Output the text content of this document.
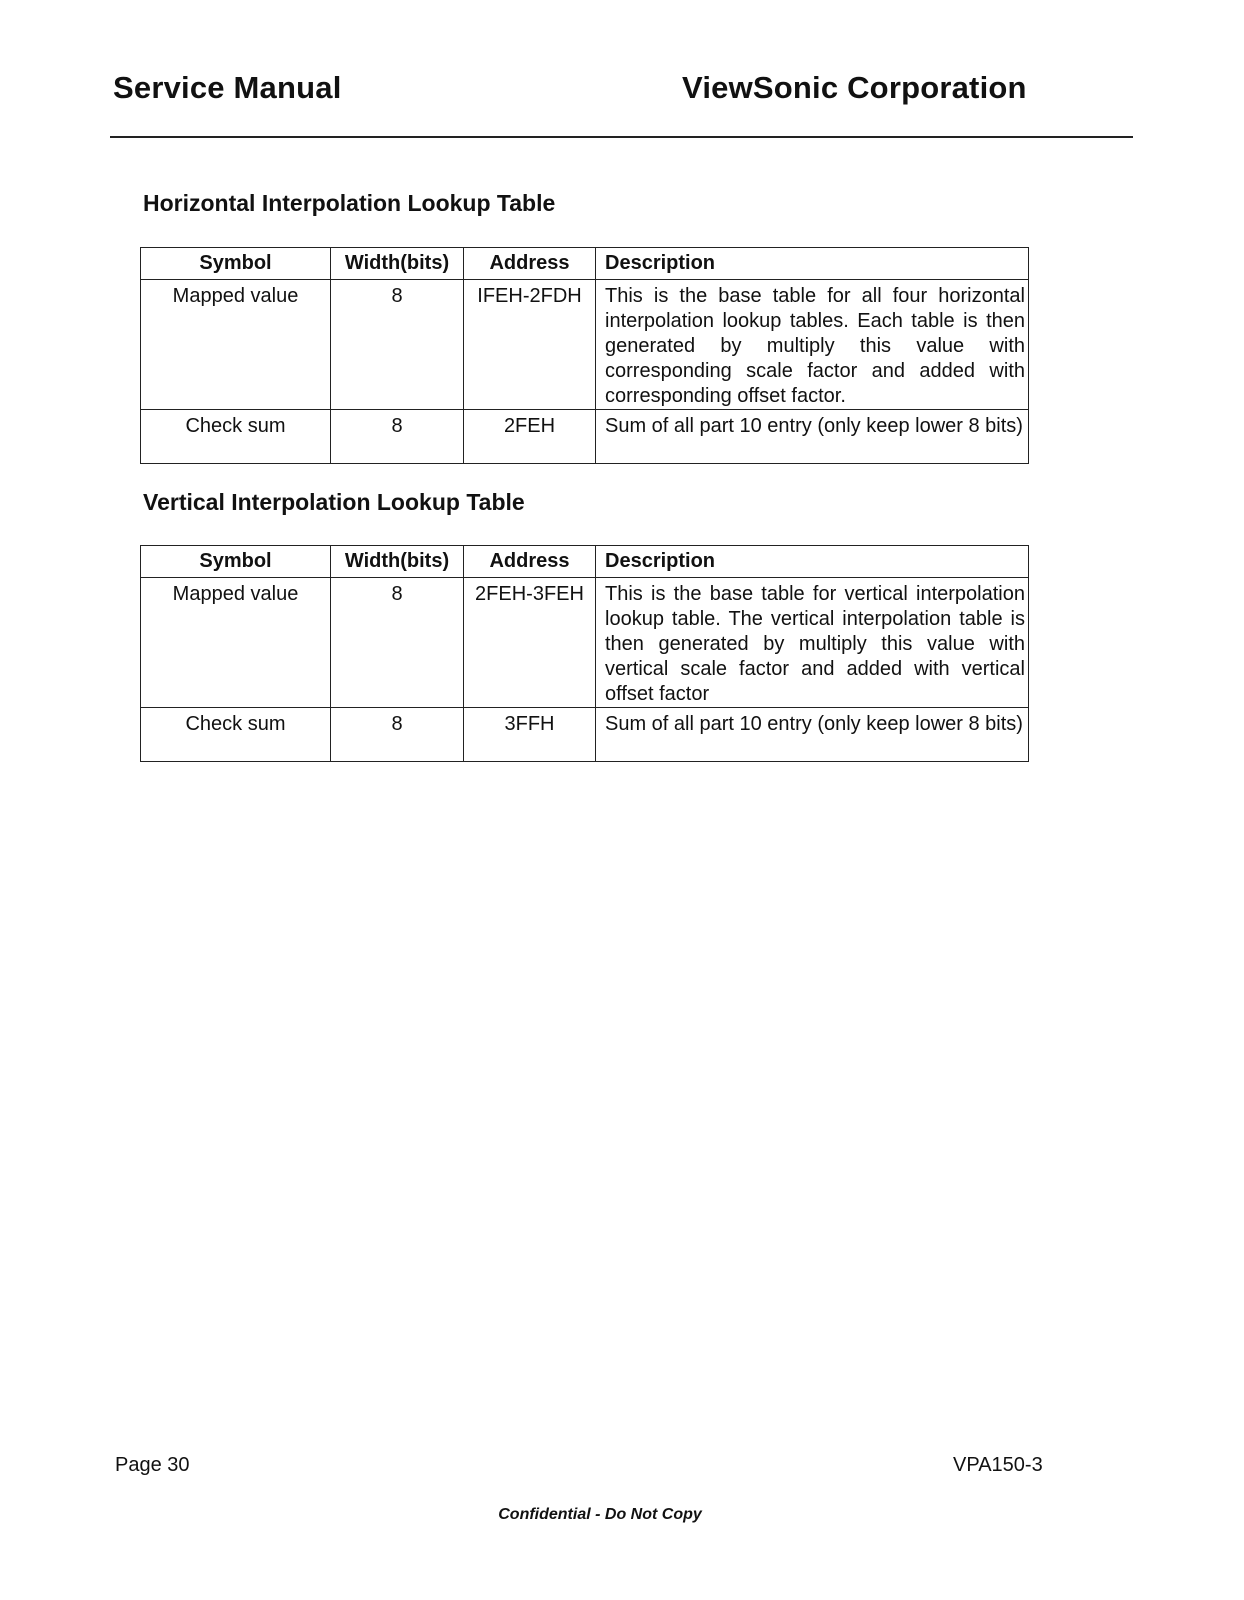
Service Manual	ViewSonic Corporation
Horizontal Interpolation Lookup Table
Symbol	Width(bits)	Address	Description
Mapped value	8	IFEH-2FDH	This is the base table for all four horizontal interpolation lookup tables. Each table is then generated by multiply this value with corresponding scale factor and added with corresponding offset factor.
Check sum	8	2FEH	Sum of all part 10 entry (only keep lower 8 bits)
Vertical Interpolation Lookup Table
Symbol	Width(bits)	Address	Description
Mapped value	8	2FEH-3FEH	This is the base table for vertical interpolation lookup table. The vertical interpolation table is then generated by multiply this value with vertical scale factor and added with vertical offset factor
Check sum	8	3FFH	Sum of all part 10 entry (only keep lower 8 bits)
Page 30	VPA150-3
Confidential - Do Not Copy
